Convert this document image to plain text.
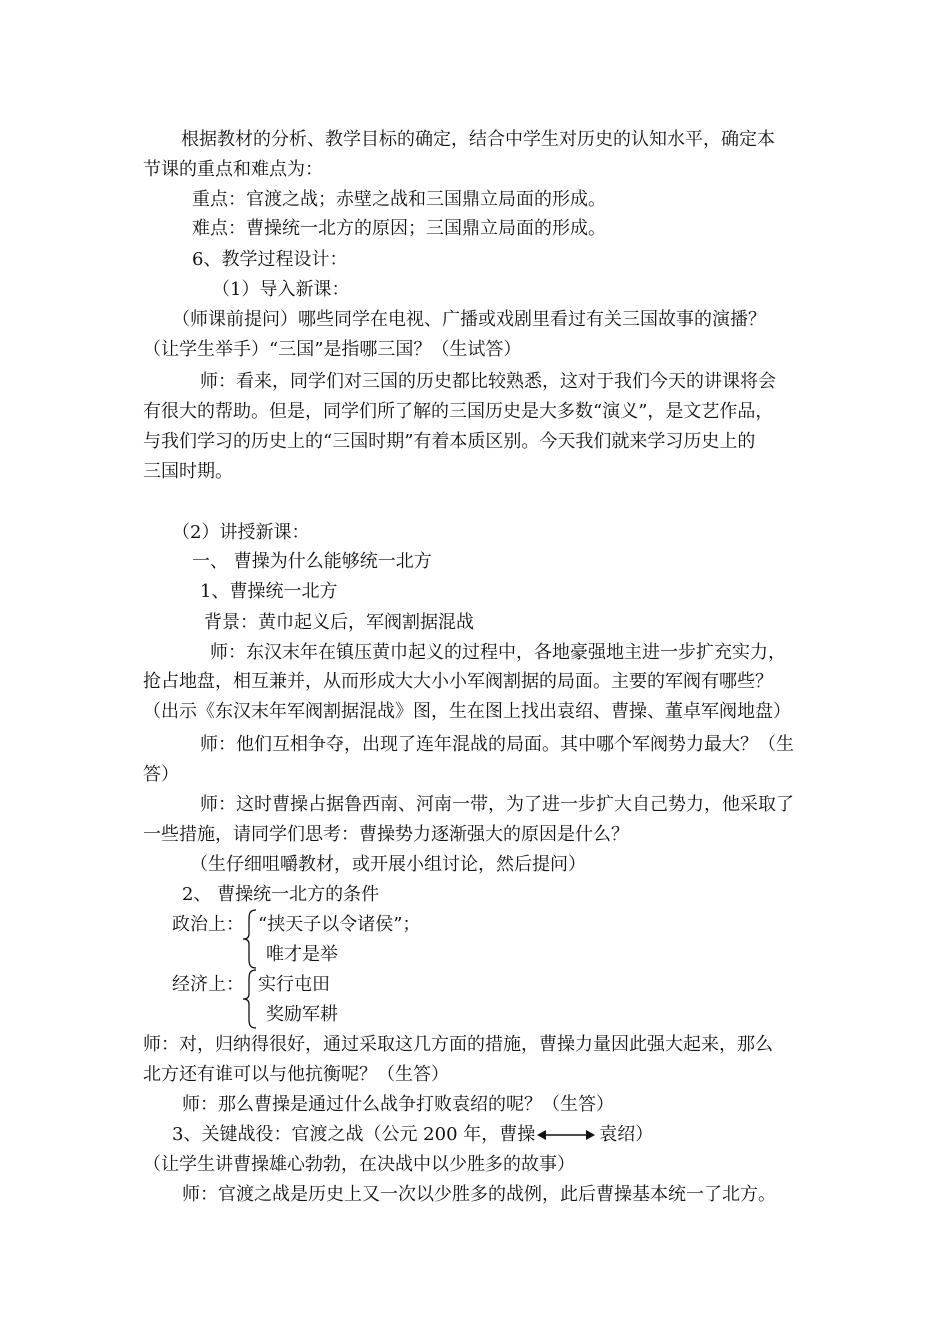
根据教材的分析、教学目标的确定，结合中学生对历史的认知水平，确定本
节课的重点和难点为：
重点：官渡之战；赤壁之战和三国鼎立局面的形成。
难点：曹操统一北方的原因；三国鼎立局面的形成。
6、教学过程设计：
（1）导入新课：
（师课前提问）哪些同学在电视、广播或戏剧里看过有关三国故事的演播？
（让学生举手）“三国”是指哪三国？（生试答）
师：看来，同学们对三国的历史都比较熟悉，这对于我们今天的讲课将会
有很大的帮助。但是，同学们所了解的三国历史是大多数“演义”，是文艺作品，
与我们学习的历史上的“三国时期”有着本质区别。今天我们就来学习历史上的
三国时期。
（2）讲授新课：
一、 曹操为什么能够统一北方
1、曹操统一北方
背景：黄巾起义后，军阀割据混战
师：东汉末年在镇压黄巾起义的过程中，各地豪强地主进一步扩充实力，
抢占地盘，相互兼并，从而形成大大小小军阀割据的局面。主要的军阀有哪些？
（出示《东汉末年军阀割据混战》图，生在图上找出袁绍、曹操、董卓军阀地盘）
师：他们互相争夺，出现了连年混战的局面。其中哪个军阀势力最大？（生
答）
师：这时曹操占据鲁西南、河南一带，为了进一步扩大自己势力，他采取了
一些措施，请同学们思考：曹操势力逐渐强大的原因是什么？
（生仔细咀嚼教材，或开展小组讨论，然后提问）
2、 曹操统一北方的条件
政治上： “挟天子以令诸侯”；
唯才是举
经济上： 实行屯田
奖励军耕
师：对，归纳得很好，通过采取这几方面的措施，曹操力量因此强大起来，那么
北方还有谁可以与他抗衡呢？（生答）
师：那么曹操是通过什么战争打败袁绍的呢？（生答）
3、关键战役：官渡之战（公元 200 年，曹操	袁绍）
（让学生讲曹操雄心勃勃，在决战中以少胜多的故事）
师：官渡之战是历史上又一次以少胜多的战例，此后曹操基本统一了北方。
